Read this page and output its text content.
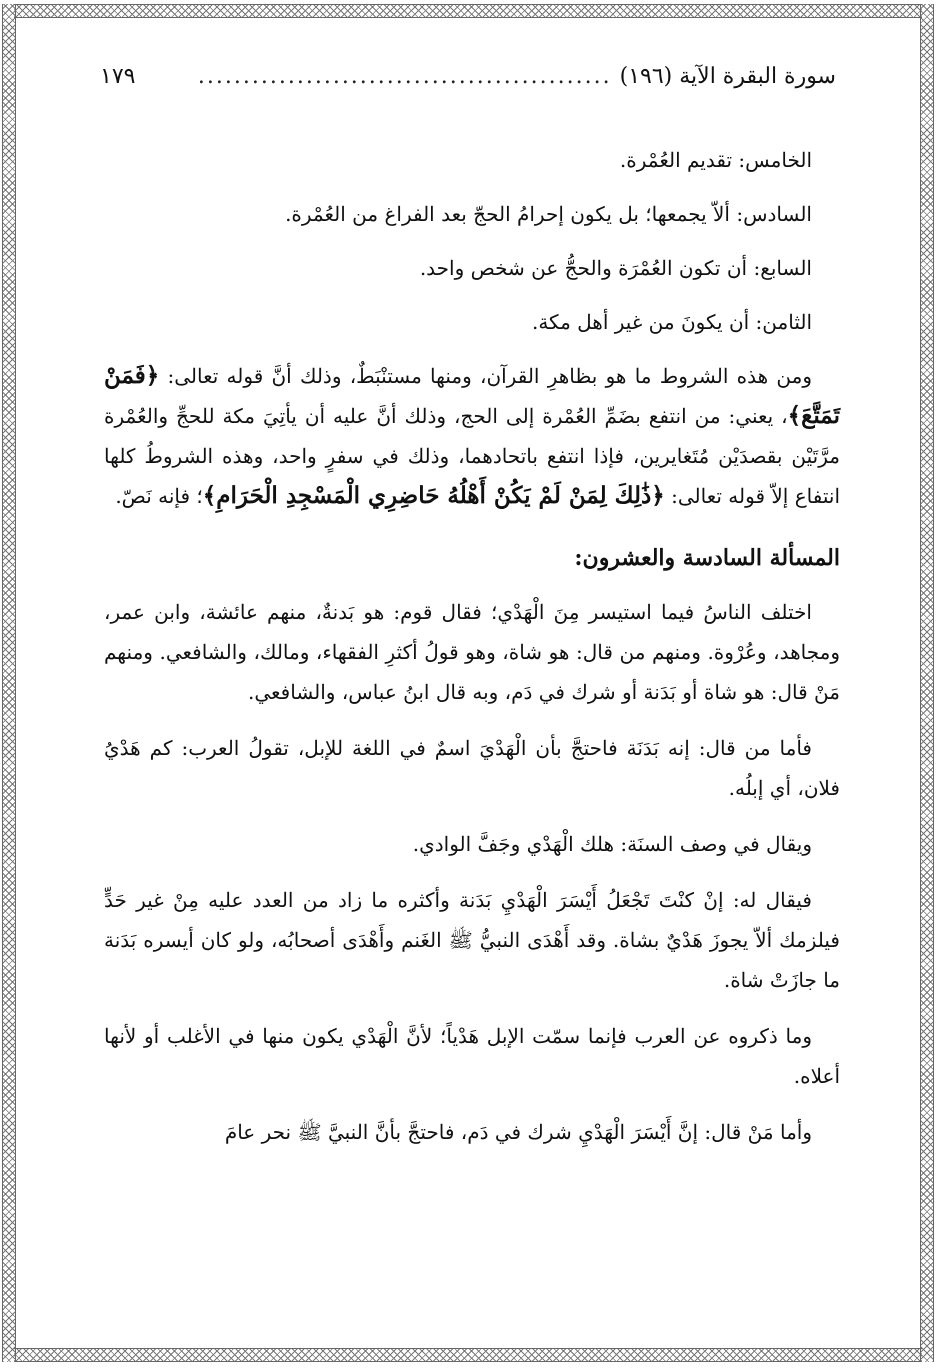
سورة البقرة الآية (١٩٦)
..............................................
١٧٩

الخامس: تقديم العُمْرة.

السادس: ألاّ يجمعها؛ بل يكون إحرامُ الحجّ بعد الفراغ من العُمْرة.

السابع: أن تكون العُمْرَة والحجُّ عن شخص واحد.

الثامن: أن يكونَ من غير أهل مكة.

ومن هذه الشروط ما هو بظاهرِ القرآن، ومنها مستنْبَطٌ، وذلك أنَّ قوله تعالى: ﴿فَمَنْ تَمَتَّعَ﴾، يعني: من انتفع بضَمِّ العُمْرة إلى الحج، وذلك أنَّ عليه أن يأتِيَ مكة للحجِّ والعُمْرة مرَّتَيْن بقصدَيْن مُتَغايرين، فإذا انتفع باتحادهما، وذلك في سفرٍ واحد، وهذه الشروطُ كلها انتفاع إلاّ قوله تعالى: ﴿ذَٰلِكَ لِمَنْ لَمْ يَكُنْ أَهْلُهُ حَاضِرِي الْمَسْجِدِ الْحَرَامِ﴾؛ فإنه نَصّ.

المسألة السادسة والعشرون:

اختلف الناسُ فيما استيسر مِنَ الْهَدْي؛ فقال قوم: هو بَدنةٌ، منهم عائشة، وابن عمر، ومجاهد، وعُرْوة. ومنهم من قال: هو شاة، وهو قولُ أكثرِ الفقهاء، ومالك، والشافعي. ومنهم مَنْ قال: هو شاة أو بَدَنة أو شرك في دَم، وبه قال ابنُ عباس، والشافعي.

فأما من قال: إنه بَدَنَة فاحتجَّ بأن الْهَدْيَ اسمٌ في اللغة للإبل، تقولُ العرب: كم هَدْيُ فلان، أي إبلُه.

ويقال في وصف السنَة: هلك الْهَدْي وجَفَّ الوادي.

فيقال له: إنْ كنْتَ تَجْعَلُ أَيْسَرَ الْهَدْيِ بَدَنة وأكثره ما زاد من العدد عليه مِنْ غير حَدٍّ فيلزمك ألاّ يجوزَ هَدْيٌ بشاة. وقد أَهْدَى النبيُّ ﷺ الغَنم وأَهْدَى أصحابُه، ولو كان أيسره بَدَنة ما جازَتْ شاة.

وما ذكروه عن العرب فإنما سمّت الإبل هَدْياً؛ لأنَّ الْهَدْي يكون منها في الأغلب أو لأنها أعلاه.

وأما مَنْ قال: إنَّ أَيْسَرَ الْهَدْيِ شرك في دَم، فاحتجَّ بأنَّ النبيَّ ﷺ نحر عامَ
